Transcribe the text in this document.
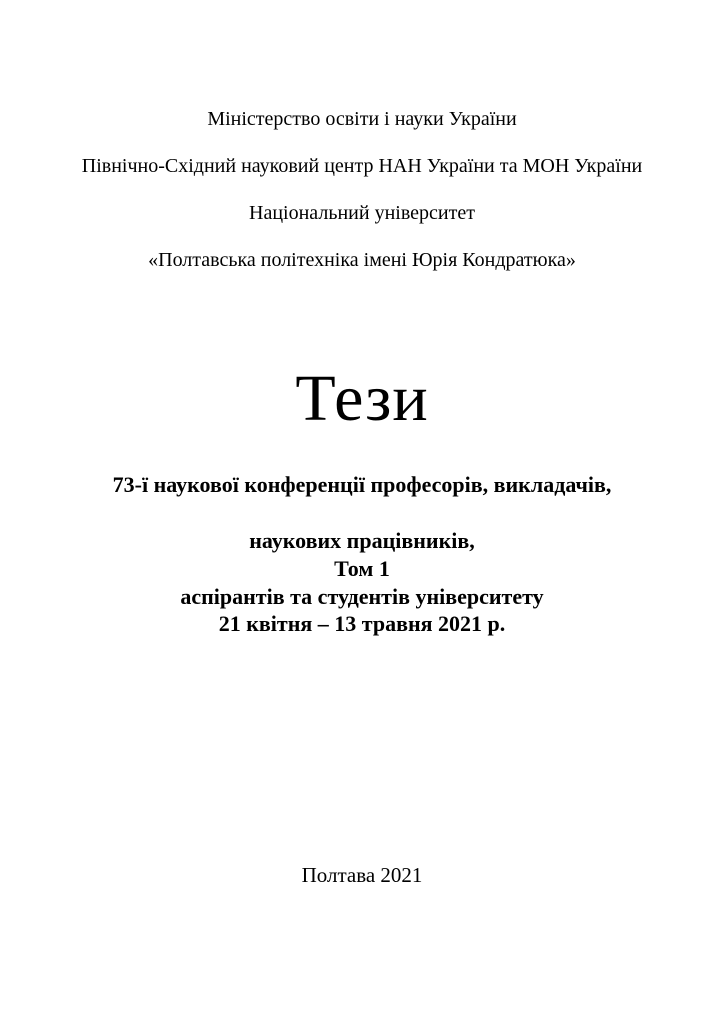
Міністерство освіти і науки України

Північно-Східний науковий центр НАН України та МОН України

Національний університет

«Полтавська політехніка імені Юрія Кондратюка»

Тези

73-ї наукової конференції професорів, викладачів,

наукових працівників,

аспірантів та студентів університету

Том 1
21 квітня – 13 травня 2021 р.
Полтава 2021
